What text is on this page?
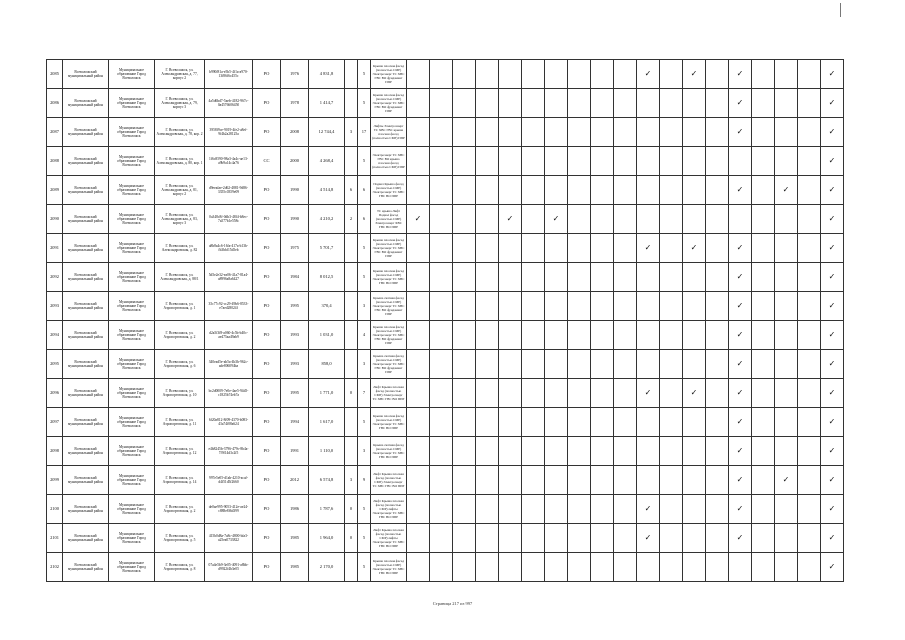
2085	Всеволожский муниципальный район	Муниципальное образование Город Всеволожск	Г. Всеволожск, ул. Александровская, д. 77, корпус 2	b990f81a-e5b5-4f1a-a970-13f86f6c455c	РО	1976	4 831,8		5	Крыша плоская фасад (полностью СМР) Электроэнерг ТС ХВС ГВС ВО фундамент ППР											✓		✓		✓				✓
2086	Всеволожский муниципальный район	Муниципальное образование Город Всеволожск	Г. Всеволожск, ул. Александровская, д. 79, корпус 3	4a5d6bd7-5aeb-4182-967c-0a4576606450	РО	1978	1 414,7		5	Крыша плоская фасад (полностью СМР) Электроэнерг ТС ХВС ГВС ВО фундамент ППР															✓				✓
2087	Всеволожский муниципальный район	Муниципальное образование Город Всеволожск	Г. Всеволожск, ул. Александровская, д. 78, кор. 2	3958f9ce-9019-4fe2-a8ef-9f4b2a28125a	РО	2008	12 744,4	3	17	Лифты Электроэнерг ТС ХВС ГВС крыша плоская фасад (полностью СМР) ППР															✓				✓
2088	Всеволожский муниципальный район	Муниципальное образование Город Всеволожск	Г. Всеволожск, ул. Александровская, д. 80, кор. 1	1f6c8590-98a3-4a4c-ae13-a9b9a14c4a76	СС	2000	4 268,4		5	Электроэнерг ТС ХВС ГВС ВО крыша плоская фасад (полностью СМР) ППР																			✓
2089	Всеволожский муниципальный район	Муниципальное образование Город Всеволожск	Г. Всеволожск, ул. Александровская, д. 81, корпус 2	d9eeafae-2d62-4881-9d86-3355c0359e09	РО	1990	4 514,8	6	6	Подвал Крыша фасад (полностью СМР) Электроэнерг ТС ХВС ГВС ВО ППР															✓		✓		✓
2090	Всеволожский муниципальный район	Муниципальное образование Город Всеволожск	Г. Всеволожск, ул. Александровская, д. 83, корпус 3	0a348c8f-0db3-48f4-b8ec-7a577b1e558c	РО	1990	4 210,2	2	6	ТС крыша Лифт Подвал фасад (полностью СМР) Электроэнерг ХВС ГВС ВО ППР	✓				✓		✓												✓
2091	Всеволожский муниципальный район	Муниципальное образование Город Всеволожск	Г. Всеволожск, ул. Александровская, д. 82	a8b8a4c6-16fa-417a-b13b-fb3bbf15d5eb	РО	1975	5 701,7		5	Крыша плоская фасад (полностью СМР) Электроэнерг ТС ХВС ГВС ВО фундамент ППР											✓		✓		✓				✓
2092	Всеволожский муниципальный район	Муниципальное образование Город Всеволожск	Г. Всеволожск, ул. Александровская, д. 88/1	5d5e2e32-ea06-41a7-81a4-a8996a8a6427	РО	1984	8 012,5		5	Крыша плоская фасад (полностью СМР) Электроэнерг ТС ХВС ГВС ВО ППР															✓				✓
2093	Всеволожский муниципальный район	Муниципальное образование Город Всеволожск	Г. Всеволожск, ул. Аэропортовская, д. 1	35c77c92-cc29-49b6-8533-e7aed28024f	РО	1995	370,4		3	Крыша скатная фасад (полностью СМР) Электроэнерг ТС ХВС ГВС ВО фундамент ППР															✓				✓
2094	Всеволожский муниципальный район	Муниципальное образование Город Всеволожск	Г. Всеволожск, ул. Аэропортовская, д. 2	d2a5f3f8-a060-4c5b-b40c-ae475aa49ab9	РО	1993	1 031,0		4	Крыша плоская фасад (полностью СМР) Электроэнерг ТС ХВС ГВС ВО фундамент ППР															✓				✓
2095	Всеволожский муниципальный район	Муниципальное образование Город Всеволожск	Г. Всеволожск, ул. Аэропортовская, д. 6	340ead5e-ab5a-4b3b-962c-ade806094ba	РО	1993	858,0		3	Крыша скатная фасад (полностью СМР) Электроэнерг ТС ХВС ГВС ВО фундамент ППР															✓				✓
2096	Всеволожский муниципальный район	Муниципальное образование Город Всеволожск	Г. Всеволожск, ул. Аэропортовская, д. 10	bc2d0009-7e0e-4ae5-94d5-c1825b74eb7a	РО	1995	1 771,0	0	7	Лифт Крыша плоская фасад (полностью СМР) Электроэнерг ТС ХВС ГВС ВО ППР											✓		✓		✓				✓
2097	Всеволожский муниципальный район	Муниципальное образование Город Всеволожск	Г. Всеволожск, ул. Аэропортовская, д. 11	6f20a812-8f09-4370-b083-43a74f08a624	РО	1994	1 617,0		5	Крыша плоская фасад (полностью СМР) Электроэнерг ТС ХВС ГВС ВО ППР															✓				✓
2098	Всеволожский муниципальный район	Муниципальное образование Город Всеволожск	Г. Всеволожск, ул. Аэропортовская, д. 12	e4b8245b-3796-479c-8b4a-7f9f14d3c2f5	РО	1991	1 110,0		3	Крыша скатная фасад (полностью СМР) Электроэнерг ТС ХВС ГВС ВО ППР															✓				✓
2099	Всеволожский муниципальный район	Муниципальное образование Город Всеволожск	Г. Всеволожск, ул. Аэропортовская, д. 14	997e5e05-d1ab-4210-acaf-d4f51d5f2660	РО	2012	6 574,8	3	9	Лифт Крыша плоская фасад (полностью СМР) Электроэнерг ТС ХВС ГВС ВО ППР															✓		✓		✓
2100	Всеволожский муниципальный район	Муниципальное образование Город Всеволожск	Г. Всеволожск, ул. Аэропортовская, д. 2	de0ae995-9053-412e-ae24-c888e8f6d399	РО	1986	1 787,6	0	5	Лифт Крыша плоская фасад (полностью СМР) лифты Электроэнерг ТС ХВС ГВС ВО ППР											✓				✓				✓
2101	Всеволожский муниципальный район	Муниципальное образование Город Всеволожск	Г. Всеволожск, ул. Аэропортовская, д. 5	415b0d8a-7a8c-4800-bfa3-a25ea0733822	РО	1985	1 964,0	0	5	Лифт Крыша плоская фасад (полностью СМР) лифты Электроэнерг ТС ХВС ГВС ВО ППР											✓				✓				✓
2102	Всеволожский муниципальный район	Муниципальное образование Город Всеволожск	Г. Всеволожск, ул. Аэропортовская, д. 8	07a4e5b9-3e05-4091-a8bb-d9922f4b3e05	РО	1985	2 170,0		5	Крыша плоская фасад (полностью СМР) Электроэнерг ТС ХВС ГВС ВО ППР																			✓
Страница 217 из 997
